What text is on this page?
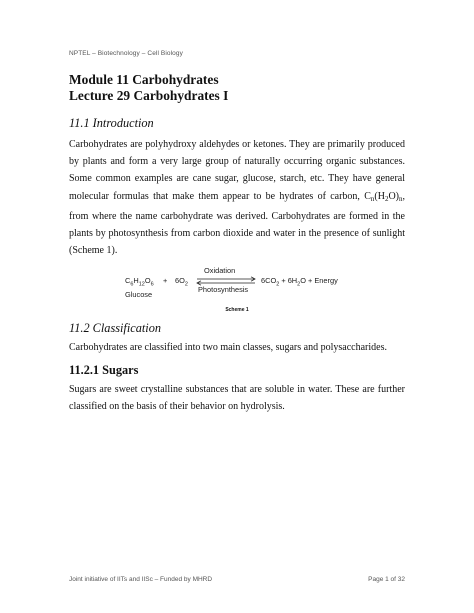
NPTEL – Biotechnology – Cell Biology

Module 11 Carbohydrates

Lecture 29 Carbohydrates I

11.1 Introduction

Carbohydrates are polyhydroxy aldehydes or ketones. They are primarily produced by plants and form a very large group of naturally occurring organic substances. Some common examples are cane sugar, glucose, starch, etc. They have general molecular formulas that make them appear to be hydrates of carbon, $C_n(H_2O)_n$, from where the name carbohydrate was derived. Carbohydrates are formed in the plants by photosynthesis from carbon dioxide and water in the presence of sunlight (Scheme 1).

$C_6H_{12}O_6 + 6O_2$
Oxidation
Photosynthesis
$6CO_2 + 6H_2O$ + Energy
Glucose

Scheme 1

11.2 Classification

Carbohydrates are classified into two main classes, sugars and polysaccharides.

11.2.1 Sugars

Sugars are sweet crystalline substances that are soluble in water. These are further classified on the basis of their behavior on hydrolysis.

Joint initiative of IITs and IISc – Funded by MHRD	Page 1 of 32
